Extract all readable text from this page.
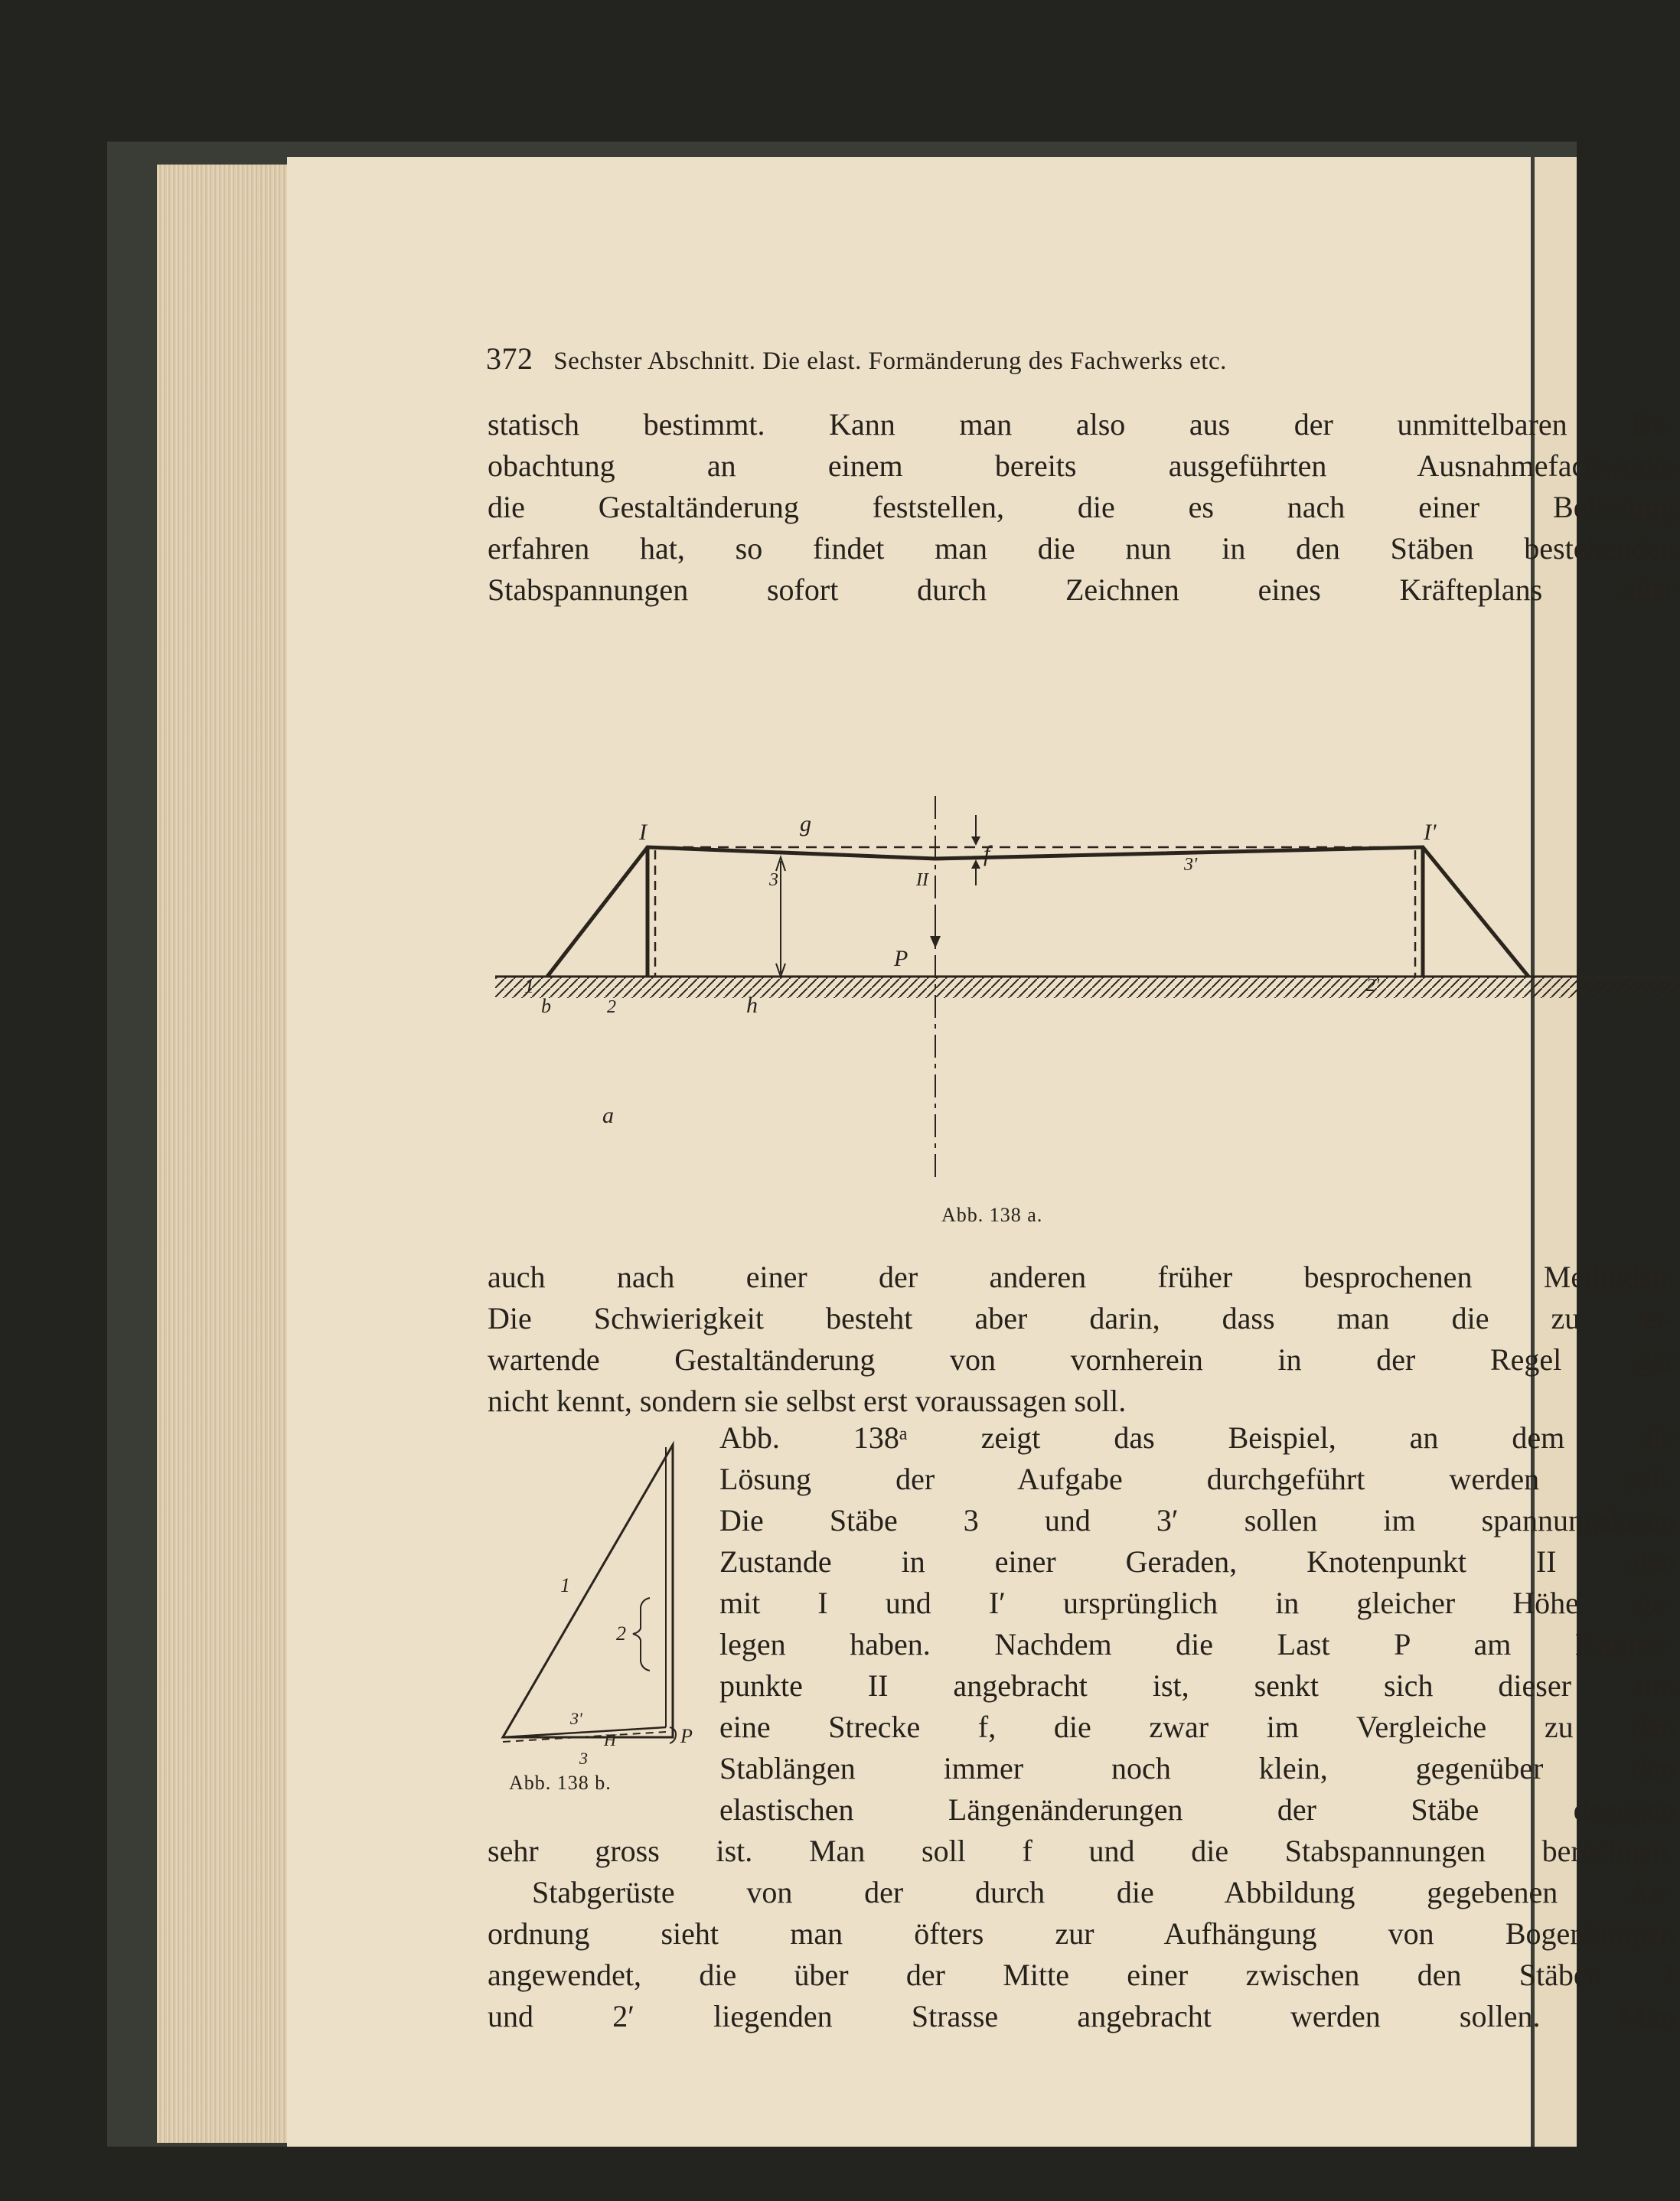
372 Sechster Abschnitt. Die elast. Formänderung des Fachwerks etc.
statisch bestimmt. Kann man also aus der unmittelbaren Be-
obachtung an einem bereits ausgeführten Ausnahmefachwerke
die Gestaltänderung feststellen, die es nach einer Belastung
erfahren hat, so findet man die nun in den Stäben bestehenden
Stabspannungen sofort durch Zeichnen eines Kräfteplans oder
I	I'
II
g
f
3
3'
P
1
b	2
2'
h
a
Abb. 138 a.
auch nach einer der anderen früher besprochenen Methoden.
Die Schwierigkeit besteht aber darin, dass man die zu er-
wartende Gestaltänderung von vornherein in der Regel gar
nicht kennt, sondern sie selbst erst voraussagen soll.
1
2
3'
H	P
3
Abb. 138 b.
Abb. 138ᵃ zeigt das Beispiel, an dem die
Lösung der Aufgabe durchgeführt werden soll.
Die Stäbe 3 und 3′ sollen im spannungslosen
Zustande in einer Geraden, Knotenpunkt II also
mit I und I′ ursprünglich in gleicher Höhe ge-
legen haben. Nachdem die Last P am Knoten-
punkte II angebracht ist, senkt sich dieser um
eine Strecke f, die zwar im Vergleiche zu den
Stablängen immer noch klein, gegenüber den
elastischen Längenänderungen der Stäbe dagegen
sehr gross ist. Man soll f und die Stabspannungen berechnen.
Stabgerüste von der durch die Abbildung gegebenen An-
ordnung sieht man öfters zur Aufhängung von Bogenlampen
angewendet, die über der Mitte einer zwischen den Stäben 2
und 2′ liegenden Strasse angebracht werden sollen. Man
